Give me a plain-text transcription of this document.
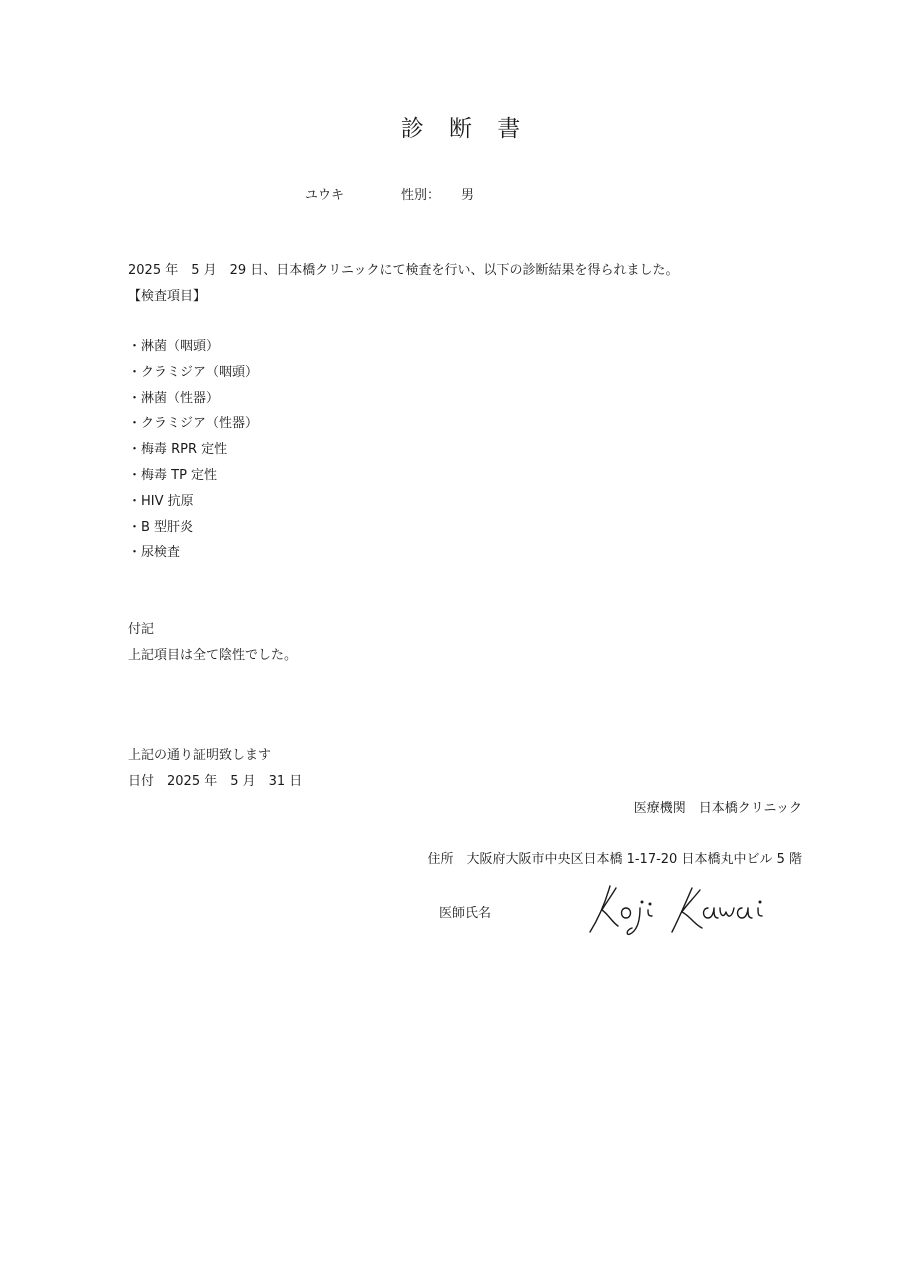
診 断 書
ユウキ	性別： 男
2025 年　5 月　29 日、日本橋クリニックにて検査を行い、以下の診断結果を得られました。
【検査項目】
・淋菌（咽頭）
・クラミジア（咽頭）
・淋菌（性器）
・クラミジア（性器）
・梅毒 RPR 定性
・梅毒 TP 定性
・HIV 抗原
・B 型肝炎
・尿検査
付記
上記項目は全て陰性でした。
上記の通り証明致します
日付　2025 年　5 月　31 日
医療機関　日本橋クリニック
住所　大阪府大阪市中央区日本橋 1-17-20 日本橋丸中ビル 5 階
医師氏名
